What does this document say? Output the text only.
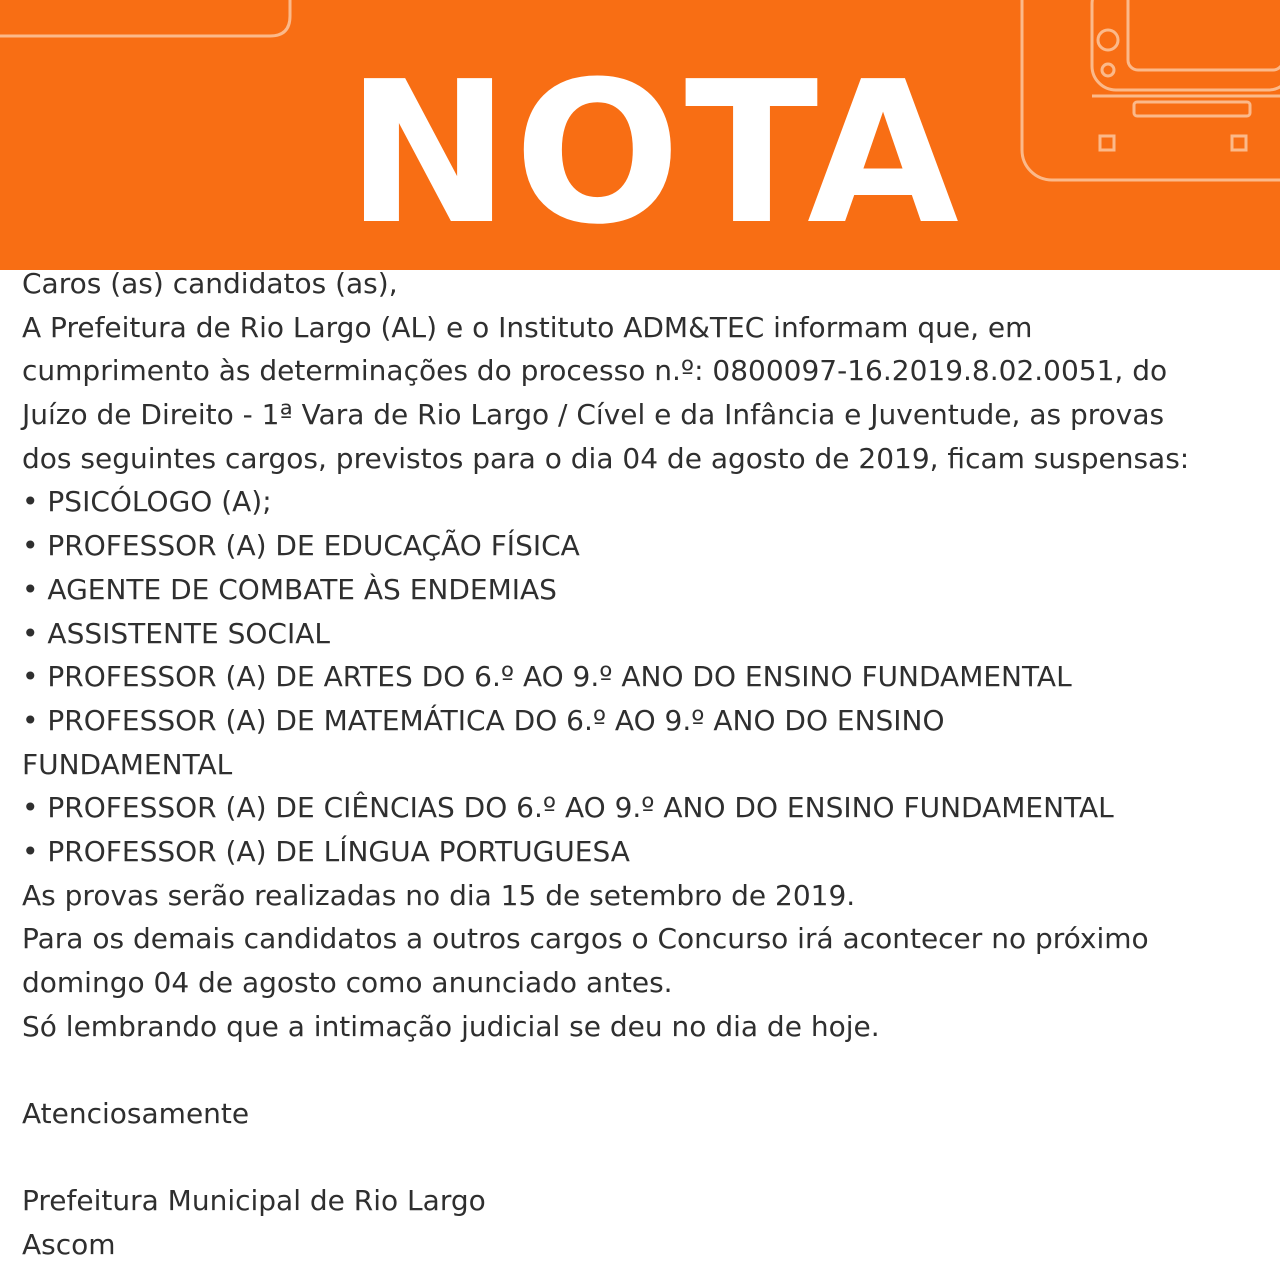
NOTA
Caros (as) candidatos (as),
A Prefeitura de Rio Largo (AL) e o Instituto ADM&TEC informam que, em
cumprimento às determinações do processo n.º: 0800097-16.2019.8.02.0051, do
Juízo de Direito - 1ª Vara de Rio Largo / Cível e da Infância e Juventude, as provas
dos seguintes cargos, previstos para o dia 04 de agosto de 2019, ficam suspensas:
• PSICÓLOGO (A);
• PROFESSOR (A) DE EDUCAÇÃO FÍSICA
• AGENTE DE COMBATE ÀS ENDEMIAS
• ASSISTENTE SOCIAL
• PROFESSOR (A) DE ARTES DO 6.º AO 9.º ANO DO ENSINO FUNDAMENTAL
• PROFESSOR (A) DE MATEMÁTICA DO 6.º AO 9.º ANO DO ENSINO
FUNDAMENTAL
• PROFESSOR (A) DE CIÊNCIAS DO 6.º AO 9.º ANO DO ENSINO FUNDAMENTAL
• PROFESSOR (A) DE LÍNGUA PORTUGUESA
As provas serão realizadas no dia 15 de setembro de 2019.
Para os demais candidatos a outros cargos o Concurso irá acontecer no próximo
domingo 04 de agosto como anunciado antes.
Só lembrando que a intimação judicial se deu no dia de hoje.
Atenciosamente
Prefeitura Municipal de Rio Largo
Ascom
